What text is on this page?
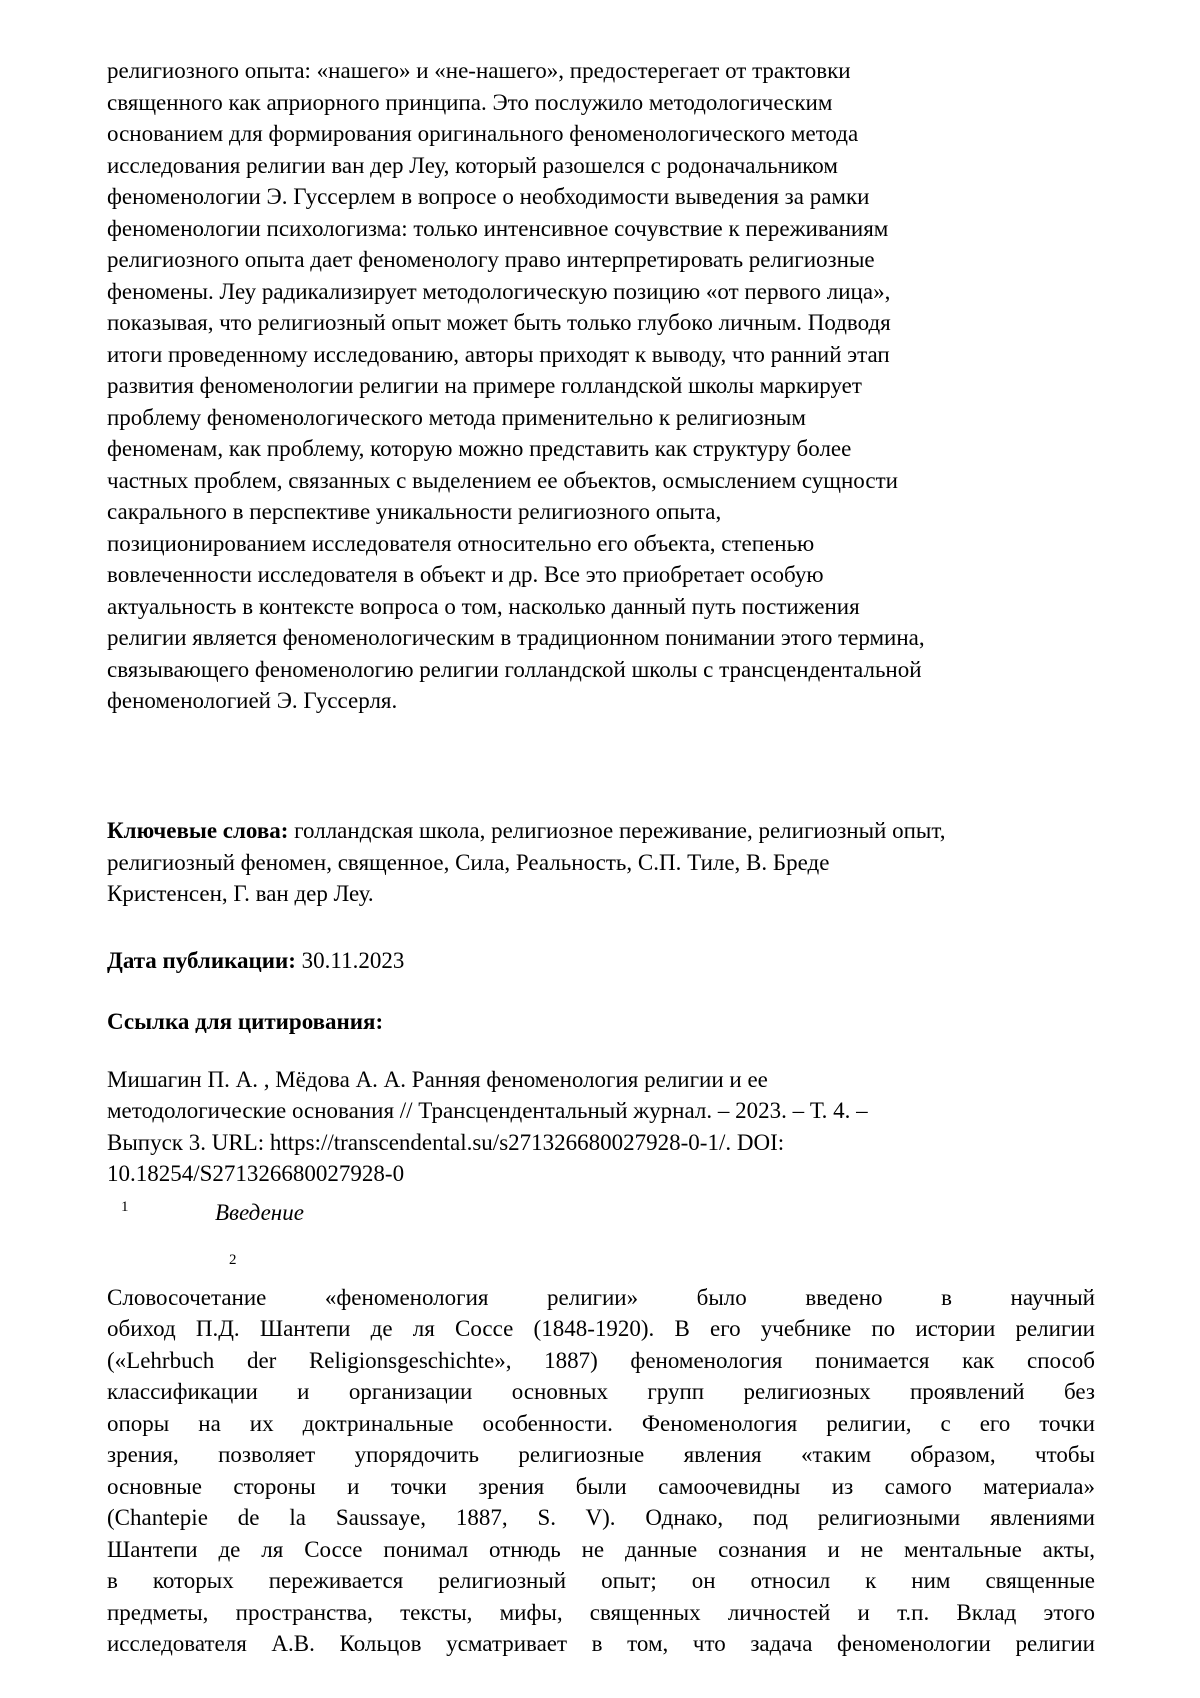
религиозного опыта: «нашего» и «не-нашего», предостерегает от трактовки
священного как априорного принципа. Это послужило методологическим
основанием для формирования оригинального феноменологического метода
исследования религии ван дер Леу, который разошелся с родоначальником
феноменологии Э. Гуссерлем в вопросе о необходимости выведения за рамки
феноменологии психологизма: только интенсивное сочувствие к переживаниям
религиозного опыта дает феноменологу право интерпретировать религиозные
феномены. Леу радикализирует методологическую позицию «от первого лица»,
показывая, что религиозный опыт может быть только глубоко личным. Подводя
итоги проведенному исследованию, авторы приходят к выводу, что ранний этап
развития феноменологии религии на примере голландской школы маркирует
проблему феноменологического метода применительно к религиозным
феноменам, как проблему, которую можно представить как структуру более
частных проблем, связанных с выделением ее объектов, осмыслением сущности
сакрального в перспективе уникальности религиозного опыта,
позиционированием исследователя относительно его объекта, степенью
вовлеченности исследователя в объект и др. Все это приобретает особую
актуальность в контексте вопроса о том, насколько данный путь постижения
религии является феноменологическим в традиционном понимании этого термина,
связывающего феноменологию религии голландской школы с трансцендентальной
феноменологией Э. Гуссерля.

Ключевые слова: голландская школа, религиозное переживание, религиозный опыт,
религиозный феномен, священное, Сила, Реальность, С.П. Тиле, В. Бреде
Кристенсен, Г. ван дер Леу.

Дата публикации: 30.11.2023

Ссылка для цитирования:

Мишагин П. А. , Мёдова А. А. Ранняя феноменология религии и ее
методологические основания // Трансцендентальный журнал. – 2023. – Т. 4. –
Выпуск 3. URL: https://transcendental.su/s271326680027928-0-1/. DOI:
10.18254/S271326680027928-0

1	Введение

2
Словосочетание «феноменология религии» было введено в научный
обиход П.Д. Шантепи де ля Соссе (1848-1920). В его учебнике по истории религии
(«Lehrbuch der Religionsgeschichte», 1887) феноменология понимается как способ
классификации и организации основных групп религиозных проявлений без
опоры на их доктринальные особенности. Феноменология религии, с его точки
зрения, позволяет упорядочить религиозные явления «таким образом, чтобы
основные стороны и точки зрения были самоочевидны из самого материала»
(Chantepie de la Saussaye, 1887, S. V). Однако, под религиозными явлениями
Шантепи де ля Соссе понимал отнюдь не данные сознания и не ментальные акты,
в которых переживается религиозный опыт; он относил к ним священные
предметы, пространства, тексты, мифы, священных личностей и т.п. Вклад этого
исследователя А.В. Кольцов усматривает в том, что задача феноменологии религии
